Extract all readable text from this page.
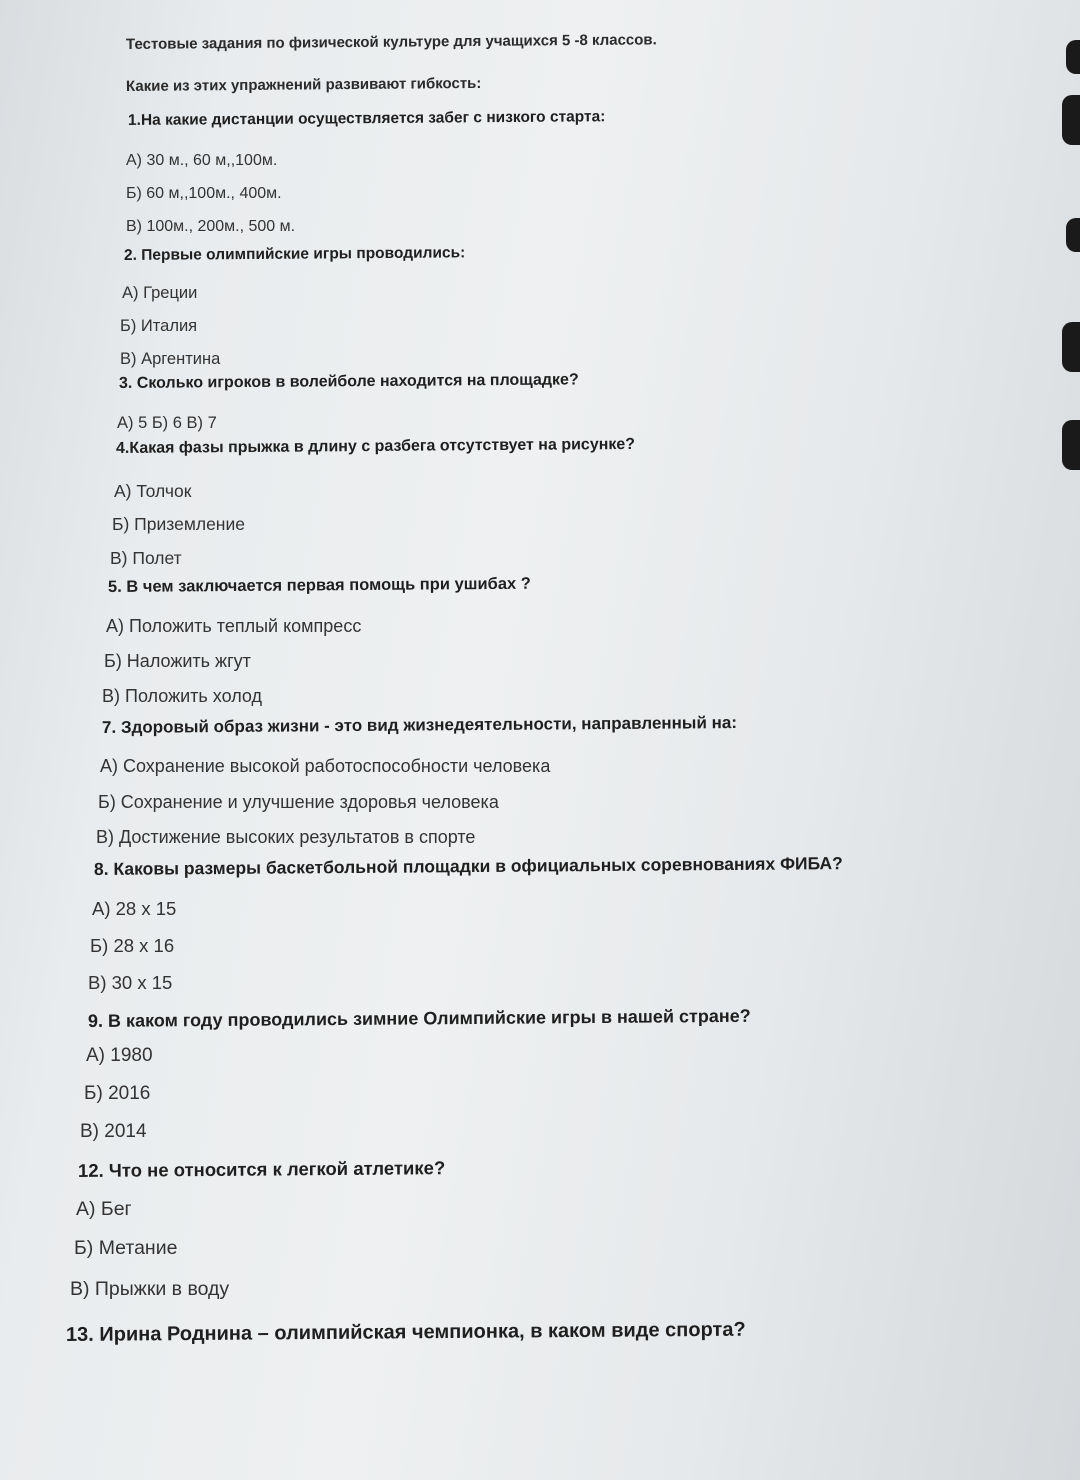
Тестовые задания по физической культуре для учащихся 5 -8 классов.
Какие из этих упражнений развивают гибкость:
1.На какие дистанции осуществляется забег с низкого старта:
А) 30 м., 60 м,,100м.
Б) 60 м,,100м., 400м.
В) 100м., 200м., 500 м.
2. Первые олимпийские игры проводились:
А) Греции
Б) Италия
В) Аргентина
3. Сколько игроков в волейболе находится на площадке?
А) 5 Б) 6 В) 7
4.Какая фазы прыжка в длину с разбега отсутствует на рисунке?
А) Толчок
Б) Приземление
В) Полет
5. В чем заключается первая помощь при ушибах ?
А) Положить теплый компресс
Б) Наложить жгут
В) Положить холод
7. Здоровый образ жизни - это вид жизнедеятельности, направленный на:
А) Сохранение высокой работоспособности человека
Б) Сохранение и улучшение здоровья человека
В) Достижение высоких результатов в спорте
8. Каковы размеры баскетбольной площадки в официальных соревнованиях ФИБА?
А) 28 х 15
Б) 28 х 16
В) 30 х 15
9. В каком году проводились зимние Олимпийские игры в нашей стране?
А) 1980
Б) 2016
В) 2014
12. Что не относится к легкой атлетике?
А) Бег
Б) Метание
В) Прыжки в воду
13. Ирина Роднина – олимпийская чемпионка, в каком виде спорта?
